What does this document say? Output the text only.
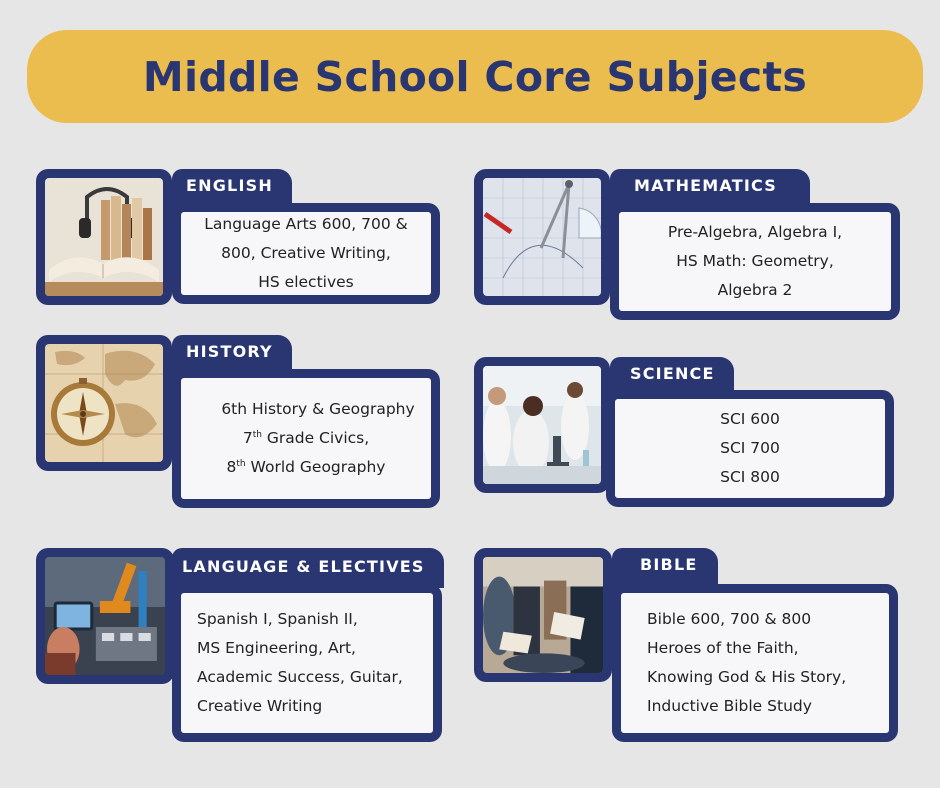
Middle School Core Subjects
ENGLISH
Language Arts 600, 700 &
800, Creative Writing,
HS electives
MATHEMATICS
Pre-Algebra, Algebra I,
HS Math: Geometry,
Algebra 2
HISTORY
6th History & Geography
7th Grade Civics,
8th World Geography
SCIENCE
SCI 600
SCI 700
SCI 800
LANGUAGE & ELECTIVES
Spanish I, Spanish II,
MS Engineering, Art,
Academic Success, Guitar,
Creative Writing
BIBLE
Bible 600, 700 & 800
Heroes of the Faith,
Knowing God & His Story,
Inductive Bible Study
